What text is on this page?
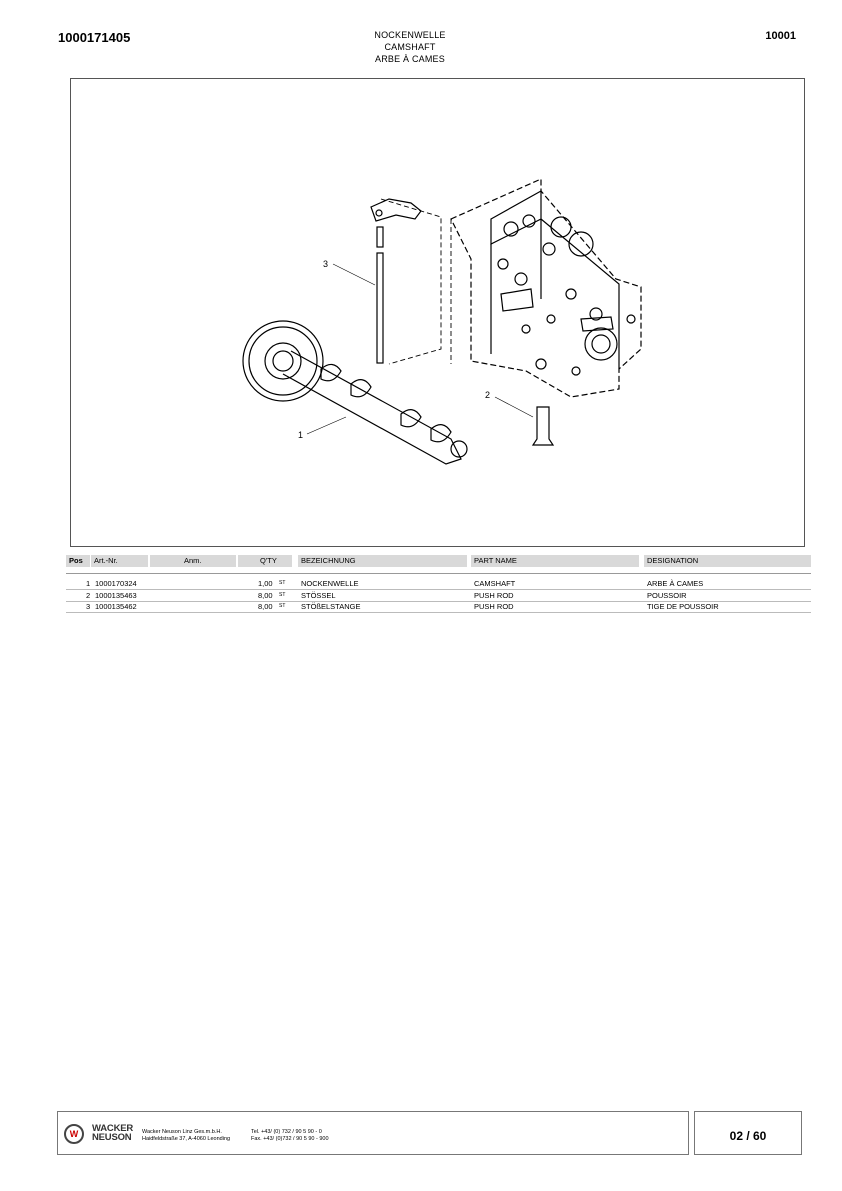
1000171405	NOCKENWELLE
CAMSHAFT
ARBE À CAMES
10001
3
2
1
Pos	Art.-Nr.	Anm.	Q'TY	BEZEICHNUNG	PART NAME	DESIGNATION
1 1000170324	1,00 ST NOCKENWELLE	CAMSHAFT	ARBE À CAMES
2 1000135463	8,00 ST STÖSSEL	PUSH ROD	POUSSOIR
3 1000135462	8,00 ST STÖßELSTANGE	PUSH ROD	TIGE DE POUSSOIR
W WACKER
NEUSON Wacker Neuson Linz Ges.m.b.H.
Haidfeldstraße 37, A-4060 Leonding
Tel. +43/ (0) 732 / 90 5 90 - 0
Fax. +43/ (0)732 / 90 5 90 - 900	02 / 60
